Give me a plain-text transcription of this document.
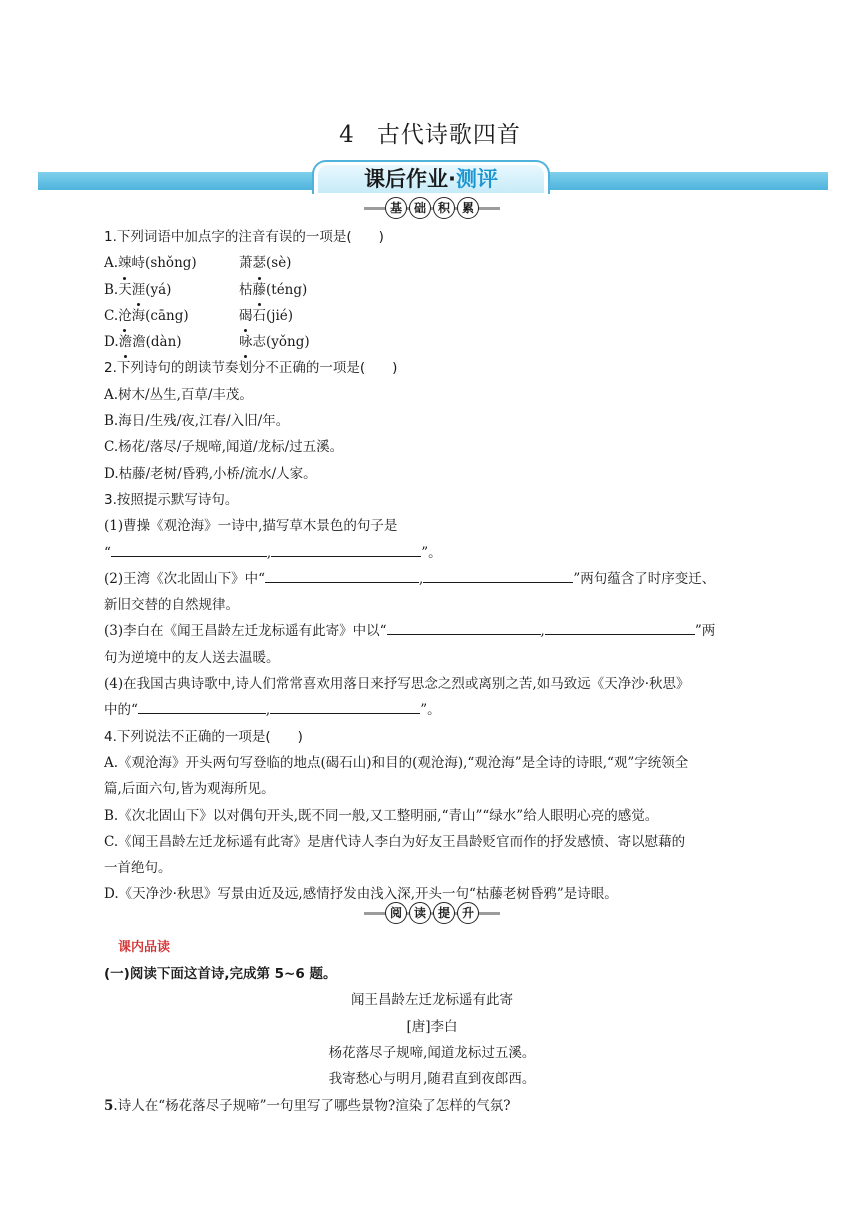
4 古代诗歌四首
课后作业·测评
基 础 积 累

1.下列词语中加点字的注音有误的一项是(　　)

A.竦峙(shǒng)	萧瑟(sè)
B.天涯(yá)	枯藤(téng)
C.沧海(cāng)	碣石(jié)
D.澹澹(dàn)	咏志(yǒng)

2.下列诗句的朗读节奏划分不正确的一项是(　　)

A.树木/丛生,百草/丰茂。

B.海日/生残/夜,江春/入旧/年。

C.杨花/落尽/子规啼,闻道/龙标/过五溪。

D.枯藤/老树/昏鸦,小桥/流水/人家。

3.按照提示默写诗句。

(1)曹操《观沧海》一诗中,描写草木景色的句子是

“	,	”。

(2)王湾《次北固山下》中“	,	”两句蕴含了时序变迁、

新旧交替的自然规律。

(3)李白在《闻王昌龄左迁龙标遥有此寄》中以“	,	”两

句为逆境中的友人送去温暖。

(4)在我国古典诗歌中,诗人们常常喜欢用落日来抒写思念之烈或离别之苦,如马致远《天净沙·秋思》

中的“	,	”。

4.下列说法不正确的一项是(　　)

A.《观沧海》开头两句写登临的地点(碣石山)和目的(观沧海),“观沧海”是全诗的诗眼,“观”字统领全

篇,后面六句,皆为观海所见。

B.《次北固山下》以对偶句开头,既不同一般,又工整明丽,“青山”“绿水”给人眼明心亮的感觉。

C.《闻王昌龄左迁龙标遥有此寄》是唐代诗人李白为好友王昌龄贬官而作的抒发感愤、寄以慰藉的

一首绝句。

D.《天净沙·秋思》写景由近及远,感情抒发由浅入深,开头一句“枯藤老树昏鸦”是诗眼。

课内品读

(一)阅读下面这首诗,完成第 5~6 题。

闻王昌龄左迁龙标遥有此寄

[唐]李白

杨花落尽子规啼,闻道龙标过五溪。

我寄愁心与明月,随君直到夜郎西。

5.诗人在“杨花落尽子规啼”一句里写了哪些景物?渲染了怎样的气氛?

阅 读 提 升
